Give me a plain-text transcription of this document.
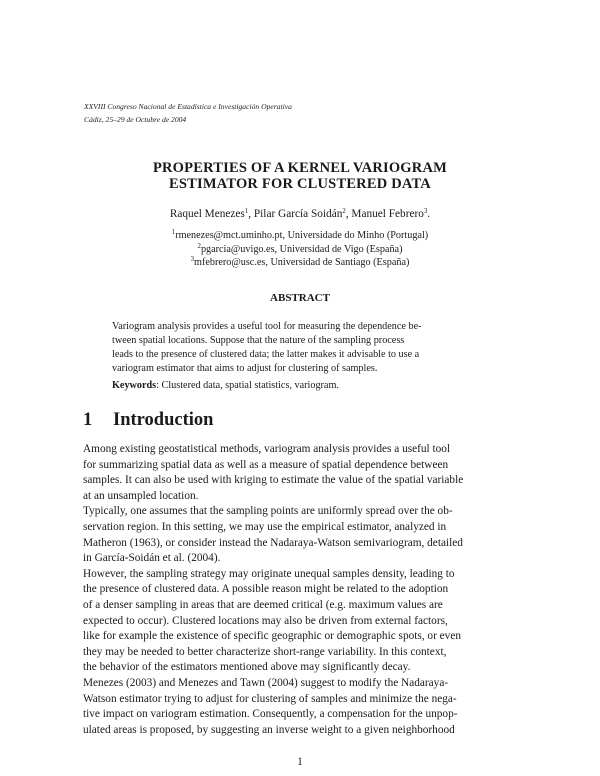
XXVIII Congreso Nacional de Estadística e Investigación Operativa
Cádiz, 25–29 de Octubre de 2004
PROPERTIES OF A KERNEL VARIOGRAM
ESTIMATOR FOR CLUSTERED DATA
Raquel Menezes$^1$, Pilar García Soidán$^2$, Manuel Febrero$^3$.
$^1$rmenezes@mct.uminho.pt, Universidade do Minho (Portugal)
$^2$pgarcia@uvigo.es, Universidad de Vigo (España)
$^3$mfebrero@usc.es, Universidad de Santiago (España)
ABSTRACT
Variogram analysis provides a useful tool for measuring the dependence be-
tween spatial locations. Suppose that the nature of the sampling process
leads to the presence of clustered data; the latter makes it advisable to use a
variogram estimator that aims to adjust for clustering of samples.
Keywords: Clustered data, spatial statistics, variogram.
1 Introduction
Among existing geostatistical methods, variogram analysis provides a useful tool
for summarizing spatial data as well as a measure of spatial dependence between
samples. It can also be used with kriging to estimate the value of the spatial variable
at an unsampled location.
Typically, one assumes that the sampling points are uniformly spread over the ob-
servation region. In this setting, we may use the empirical estimator, analyzed in
Matheron (1963), or consider instead the Nadaraya-Watson semivariogram, detailed
in García-Soidán et al. (2004).
However, the sampling strategy may originate unequal samples density, leading to
the presence of clustered data. A possible reason might be related to the adoption
of a denser sampling in areas that are deemed critical (e.g. maximum values are
expected to occur). Clustered locations may also be driven from external factors,
like for example the existence of specific geographic or demographic spots, or even
they may be needed to better characterize short-range variability. In this context,
the behavior of the estimators mentioned above may significantly decay.
Menezes (2003) and Menezes and Tawn (2004) suggest to modify the Nadaraya-
Watson estimator trying to adjust for clustering of samples and minimize the nega-
tive impact on variogram estimation. Consequently, a compensation for the unpop-
ulated areas is proposed, by suggesting an inverse weight to a given neighborhood
1
